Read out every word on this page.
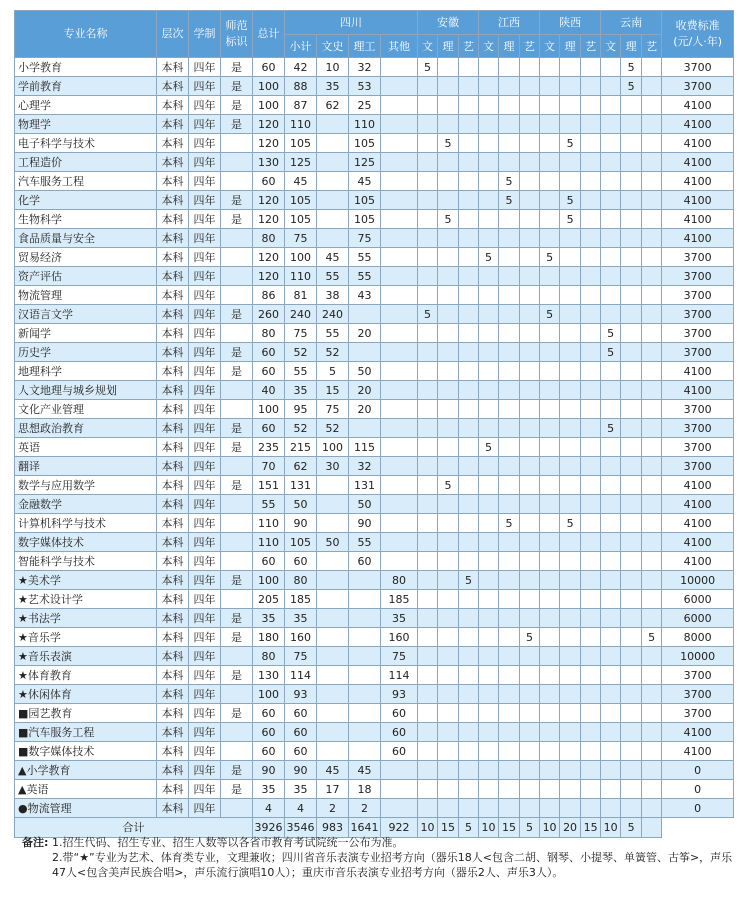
专业名称	层次	学制	师范标识	总计	四川				安徽			江西			陕西			云南			收费标准(元/人·年)
					小计	文史	理工	其他	文	理	艺	文	理	艺	文	理	艺	文	理	艺	
小学教育	本科	四年	是	60	42	10	32		5										5		3700
学前教育	本科	四年	是	100	88	35	53												5		3700
心理学	本科	四年	是	100	87	62	25														4100
物理学	本科	四年	是	120	110		110														4100
电子科学与技术	本科	四年		120	105		105			5						5					4100
工程造价	本科	四年		130	125		125														4100
汽车服务工程	本科	四年		60	45		45						5								4100
化学	本科	四年	是	120	105		105						5			5					4100
生物科学	本科	四年	是	120	105		105			5						5					4100
食品质量与安全	本科	四年		80	75		75														4100
贸易经济	本科	四年		120	100	45	55					5			5						3700
资产评估	本科	四年		120	110	55	55														3700
物流管理	本科	四年		86	81	38	43														3700
汉语言文学	本科	四年	是	260	240	240			5						5						3700
新闻学	本科	四年		80	75	55	20											5			3700
历史学	本科	四年	是	60	52	52												5			3700
地理科学	本科	四年	是	60	55	5	50														4100
人文地理与城乡规划	本科	四年		40	35	15	20														4100
文化产业管理	本科	四年		100	95	75	20														3700
思想政治教育	本科	四年	是	60	52	52												5			3700
英语	本科	四年	是	235	215	100	115					5									3700
翻译	本科	四年		70	62	30	32														3700
数学与应用数学	本科	四年	是	151	131		131			5											4100
金融数学	本科	四年		55	50		50														4100
计算机科学与技术	本科	四年		110	90		90						5			5					4100
数字媒体技术	本科	四年		110	105	50	55														4100
智能科学与技术	本科	四年		60	60		60														4100
★美术学	本科	四年	是	100	80			80			5										10000
★艺术设计学	本科	四年		205	185			185													6000
★书法学	本科	四年	是	35	35			35													6000
★音乐学	本科	四年	是	180	160			160						5						5	8000
★音乐表演	本科	四年		80	75			75													10000
★体育教育	本科	四年	是	130	114			114													3700
★休闲体育	本科	四年		100	93			93													3700
■园艺教育	本科	四年	是	60	60			60													3700
■汽车服务工程	本科	四年		60	60			60													4100
■数字媒体技术	本科	四年		60	60			60													4100
▲小学教育	本科	四年	是	90	90	45	45														0
▲英语	本科	四年	是	35	35	17	18														0
●物流管理	本科	四年		4	4	2	2														0
合计				3926	3546	983	1641	922	10	15	5	10	15	5	10	20	15	10	5		
备注: 1.招生代码、招生专业、招生人数等以各省市教育考试院统一公布为准。
2.带“★”专业为艺术、体育类专业，文理兼收；四川省音乐表演专业招考方向（器乐18人<包含二胡、钢琴、小提琴、单簧管、古筝>，声乐47人<包含美声民族合唱>，声乐流行演唱10人）；重庆市音乐表演专业招考方向（器乐2人、声乐3人）。
